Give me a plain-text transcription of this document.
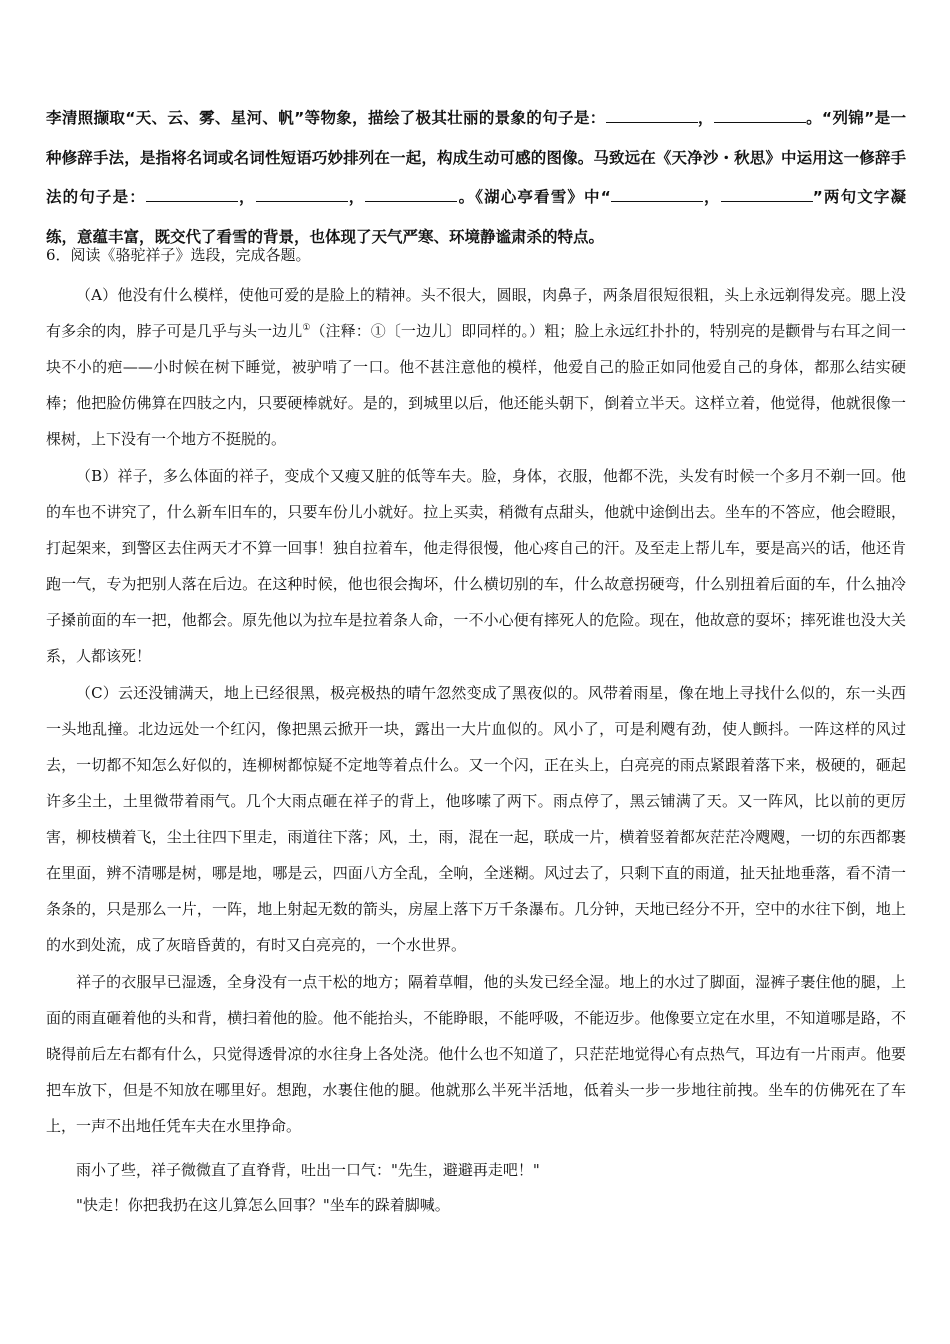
李清照撷取“天、云、雾、星河、帆”等物象，描绘了极其壮丽的景象的句子是：	，	。“列锦”是一种修辞手法，是指将名词或名词性短语巧妙排列在一起，构成生动可感的图像。马致远在《天净沙・秋思》中运用这一修辞手法的句子是：	，	，	。《湖心亭看雪》中“	，	”两句文字凝练，意蕴丰富，既交代了看雪的背景，也体现了天气严寒、环境静谧肃杀的特点。

6．阅读《骆驼祥子》选段，完成各题。

（A）他没有什么模样，使他可爱的是脸上的精神。头不很大，圆眼，肉鼻子，两条眉很短很粗，头上永远剃得发亮。腮上没有多余的肉，脖子可是几乎与头一边儿①（注释：①〔一边儿〕即同样的。）粗；脸上永远红扑扑的，特别亮的是颧骨与右耳之间一块不小的疤——小时候在树下睡觉，被驴啃了一口。他不甚注意他的模样，他爱自己的脸正如同他爱自己的身体，都那么结实硬棒；他把脸仿佛算在四肢之内，只要硬棒就好。是的，到城里以后，他还能头朝下，倒着立半天。这样立着，他觉得，他就很像一棵树，上下没有一个地方不挺脱的。

（B）祥子，多么体面的祥子，变成个又瘦又脏的低等车夫。脸，身体，衣服，他都不洗，头发有时候一个多月不剃一回。他的车也不讲究了，什么新车旧车的，只要车份儿小就好。拉上买卖，稍微有点甜头，他就中途倒出去。坐车的不答应，他会瞪眼，打起架来，到警区去住两天才不算一回事！独自拉着车，他走得很慢，他心疼自己的汗。及至走上帮儿车，要是高兴的话，他还肯跑一气，专为把别人落在后边。在这种时候，他也很会掏坏，什么横切别的车，什么故意拐硬弯，什么别扭着后面的车，什么抽冷子搡前面的车一把，他都会。原先他以为拉车是拉着条人命，一不小心便有摔死人的危险。现在，他故意的耍坏；摔死谁也没大关系，人都该死！

（C）云还没铺满天，地上已经很黑，极亮极热的晴午忽然变成了黑夜似的。风带着雨星，像在地上寻找什么似的，东一头西一头地乱撞。北边远处一个红闪，像把黑云掀开一块，露出一大片血似的。风小了，可是利飕有劲，使人颤抖。一阵这样的风过去，一切都不知怎么好似的，连柳树都惊疑不定地等着点什么。又一个闪，正在头上，白亮亮的雨点紧跟着落下来，极硬的，砸起许多尘土，土里微带着雨气。几个大雨点砸在祥子的背上，他哆嗦了两下。雨点停了，黑云铺满了天。又一阵风，比以前的更厉害，柳枝横着飞，尘土往四下里走，雨道往下落；风，土，雨，混在一起，联成一片，横着竖着都灰茫茫冷飕飕，一切的东西都裹在里面，辨不清哪是树，哪是地，哪是云，四面八方全乱，全响，全迷糊。风过去了，只剩下直的雨道，扯天扯地垂落，看不清一条条的，只是那么一片，一阵，地上射起无数的箭头，房屋上落下万千条瀑布。几分钟，天地已经分不开，空中的水往下倒，地上的水到处流，成了灰暗昏黄的，有时又白亮亮的，一个水世界。

祥子的衣服早已湿透，全身没有一点干松的地方；隔着草帽，他的头发已经全湿。地上的水过了脚面，湿裤子裹住他的腿，上面的雨直砸着他的头和背，横扫着他的脸。他不能抬头，不能睁眼，不能呼吸，不能迈步。他像要立定在水里，不知道哪是路，不晓得前后左右都有什么，只觉得透骨凉的水往身上各处浇。他什么也不知道了，只茫茫地觉得心有点热气，耳边有一片雨声。他要把车放下，但是不知放在哪里好。想跑，水裹住他的腿。他就那么半死半活地，低着头一步一步地往前拽。坐车的仿佛死在了车上，一声不出地任凭车夫在水里挣命。

雨小了些，祥子微微直了直脊背，吐出一口气："先生，避避再走吧！"

"快走！你把我扔在这儿算怎么回事？"坐车的跺着脚喊。
